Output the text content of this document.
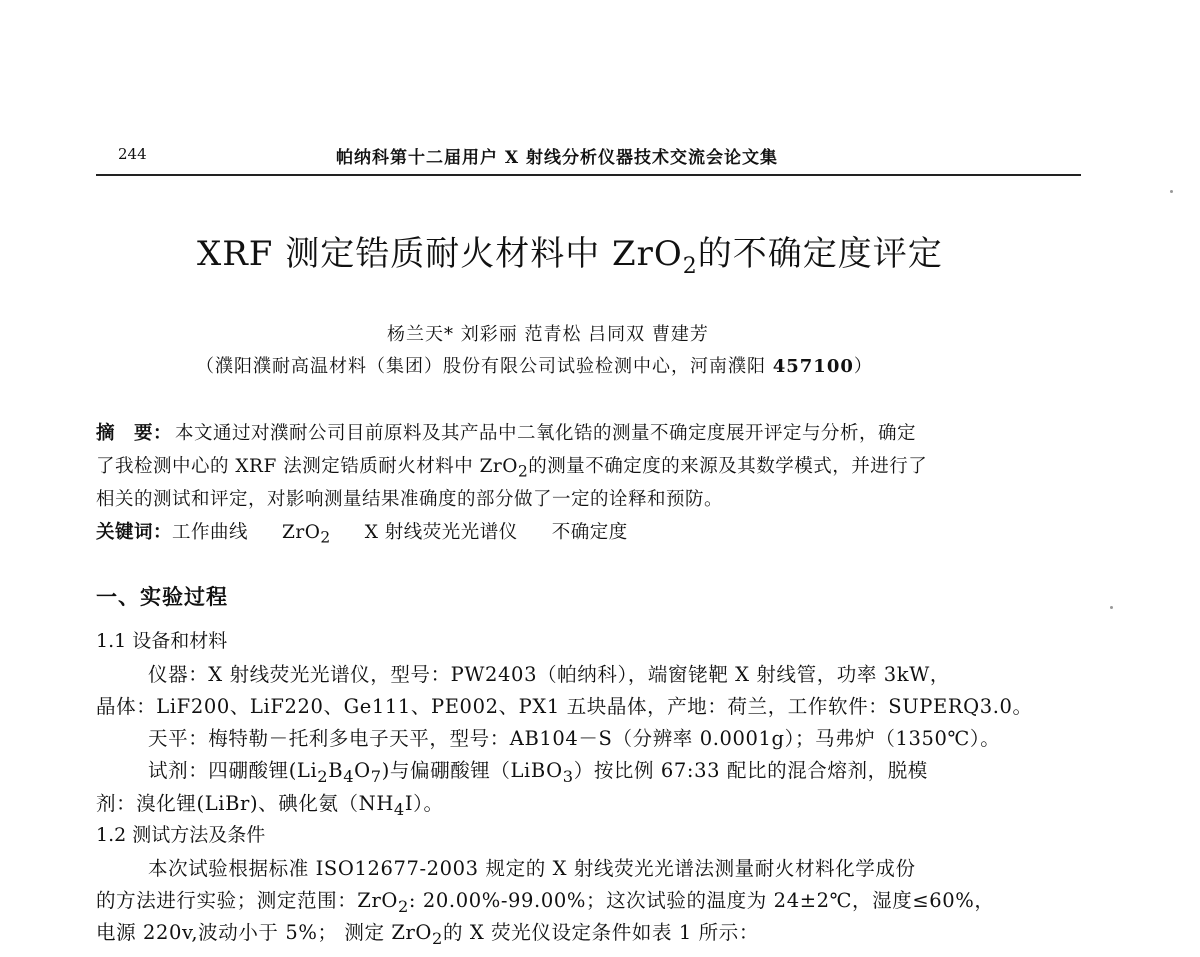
244	帕纳科第十二届用户 X 射线分析仪器技术交流会论文集
XRF 测定锆质耐火材料中 ZrO$_2$的不确定度评定
杨兰天* 刘彩丽 范青松 吕同双 曹建芳
（濮阳濮耐高温材料（集团）股份有限公司试验检测中心，河南濮阳 457100）
摘　要： 本文通过对濮耐公司目前原料及其产品中二氧化锆的测量不确定度展开评定与分析，确定
了我检测中心的 XRF 法测定锆质耐火材料中 ZrO$_2$的测量不确定度的来源及其数学模式，并进行了
相关的测试和评定，对影响测量结果准确度的部分做了一定的诠释和预防。
关键词：工作曲线 ZrO$_2$ X 射线荧光光谱仪 不确定度
一、实验过程
1.1 设备和材料
仪器：X 射线荧光光谱仪，型号：PW2403（帕纳科），端窗铑靶 X 射线管，功率 3kW，
晶体：LiF200、LiF220、Ge111、PE002、PX1 五块晶体，产地：荷兰，工作软件：SUPERQ3.0。
天平：梅特勒－托利多电子天平，型号：AB104－S（分辨率 0.0001g）；马弗炉（1350℃）。
试剂：四硼酸锂$(Li_2B_4O_7)$与偏硼酸锂（LiBO$_3$）按比例 67:33 配比的混合熔剂，脱模
剂：溴化锂(LiBr)、碘化氨$(NH_4I)$。
1.2 测试方法及条件
本次试验根据标准 ISO12677-2003 规定的 X 射线荧光光谱法测量耐火材料化学成份
的方法进行实验；测定范围：ZrO$_2$: 20.00%-99.00%；这次试验的温度为 24±2℃，湿度≤60%，
电源 220v,波动小于 5%； 测定 ZrO$_2$的 X 荧光仪设定条件如表 1 所示：
